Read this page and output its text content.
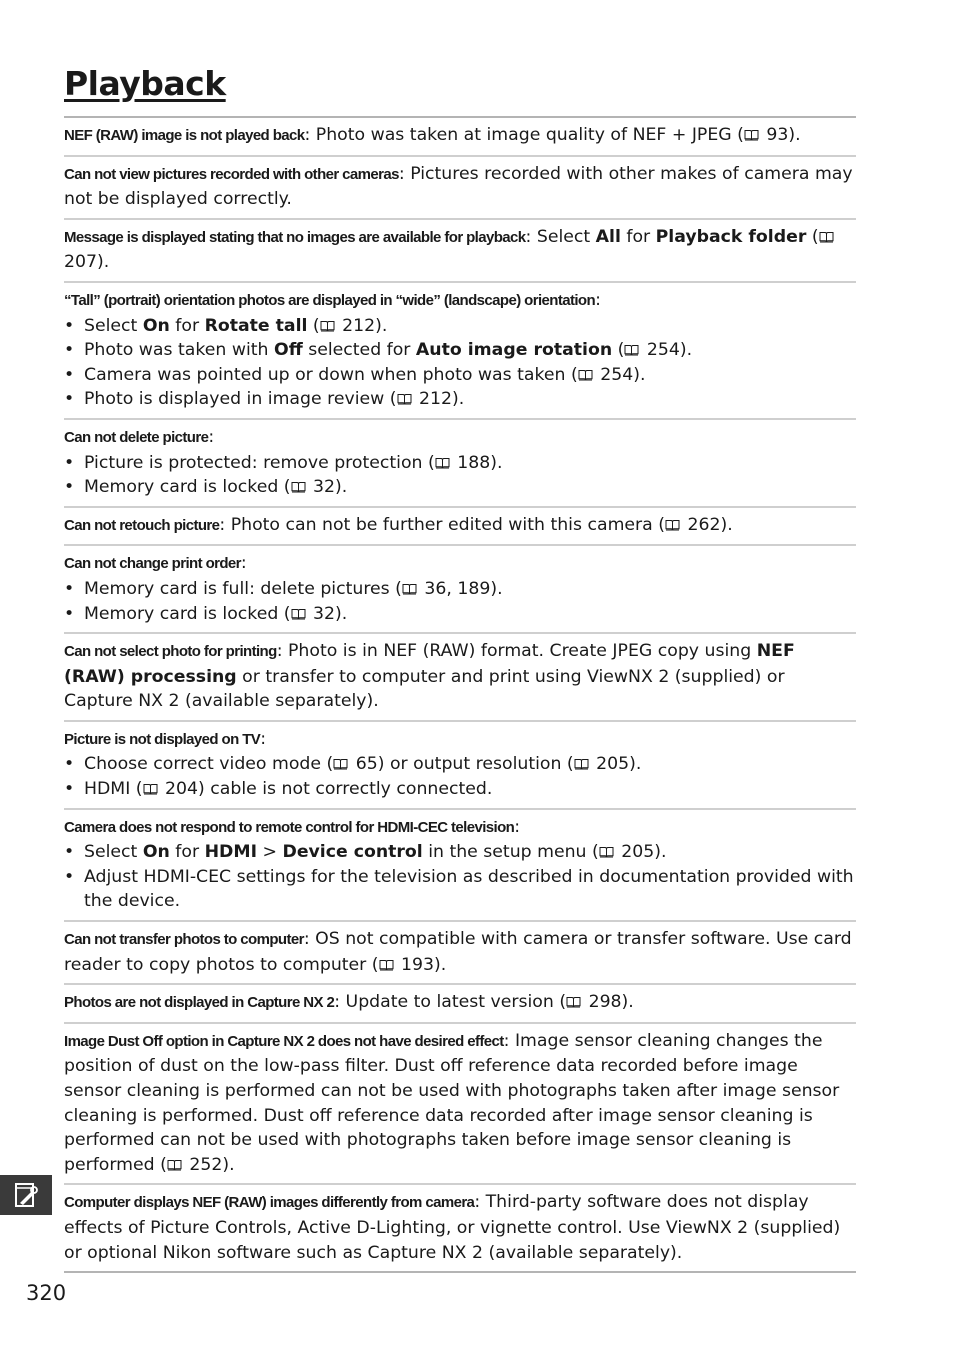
Playback
NEF (RAW) image is not played back: Photo was taken at image quality of NEF + JPEG ( 93).
Can not view pictures recorded with other cameras: Pictures recorded with other makes of camera may not be displayed correctly.
Message is displayed stating that no images are available for playback: Select All for Playback folder ( 207).
“Tall” (portrait) orientation photos are displayed in “wide” (landscape) orientation:
• Select On for Rotate tall ( 212).
• Photo was taken with Off selected for Auto image rotation ( 254).
• Camera was pointed up or down when photo was taken ( 254).
• Photo is displayed in image review ( 212).
Can not delete picture:
• Picture is protected: remove protection ( 188).
• Memory card is locked ( 32).
Can not retouch picture: Photo can not be further edited with this camera ( 262).
Can not change print order:
• Memory card is full: delete pictures ( 36, 189).
• Memory card is locked ( 32).
Can not select photo for printing: Photo is in NEF (RAW) format. Create JPEG copy using NEF (RAW) processing or transfer to computer and print using ViewNX 2 (supplied) or Capture NX 2 (available separately).
Picture is not displayed on TV:
• Choose correct video mode ( 65) or output resolution ( 205).
• HDMI ( 204) cable is not correctly connected.
Camera does not respond to remote control for HDMI-CEC television:
• Select On for HDMI > Device control in the setup menu ( 205).
• Adjust HDMI-CEC settings for the television as described in documentation provided with the device.
Can not transfer photos to computer: OS not compatible with camera or transfer software. Use card reader to copy photos to computer ( 193).
Photos are not displayed in Capture NX 2: Update to latest version ( 298).
Image Dust Off option in Capture NX 2 does not have desired effect: Image sensor cleaning changes the position of dust on the low-pass filter. Dust off reference data recorded before image sensor cleaning is performed can not be used with photographs taken after image sensor cleaning is performed. Dust off reference data recorded after image sensor cleaning is performed can not be used with photographs taken before image sensor cleaning is performed ( 252).
Computer displays NEF (RAW) images differently from camera: Third-party software does not display effects of Picture Controls, Active D-Lighting, or vignette control. Use ViewNX 2 (supplied) or optional Nikon software such as Capture NX 2 (available separately).
320
